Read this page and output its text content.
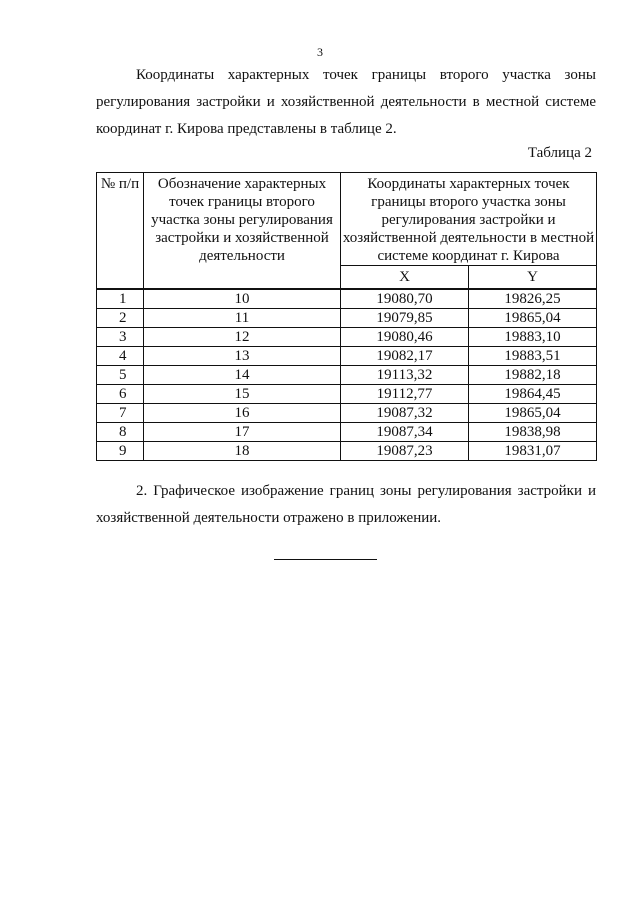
3

Координаты характерных точек границы второго участка зоны регулирования застройки и хозяйственной деятельности в местной системе координат г. Кирова представлены в таблице 2.

Таблица 2
№ п/п	Обозначение характерных точек границы второго участка зоны регулирования застройки и хозяйственной деятельности	Координаты характерных точек границы второго участка зоны регулирования застройки и хозяйственной деятельности в местной системе координат г. Кирова	
		X	Y
1	10	19080,70	19826,25
2	11	19079,85	19865,04
3	12	19080,46	19883,10
4	13	19082,17	19883,51
5	14	19113,32	19882,18
6	15	19112,77	19864,45
7	16	19087,32	19865,04
8	17	19087,34	19838,98
9	18	19087,23	19831,07

2. Графическое изображение границ зоны регулирования застройки и хозяйственной деятельности отражено в приложении.
